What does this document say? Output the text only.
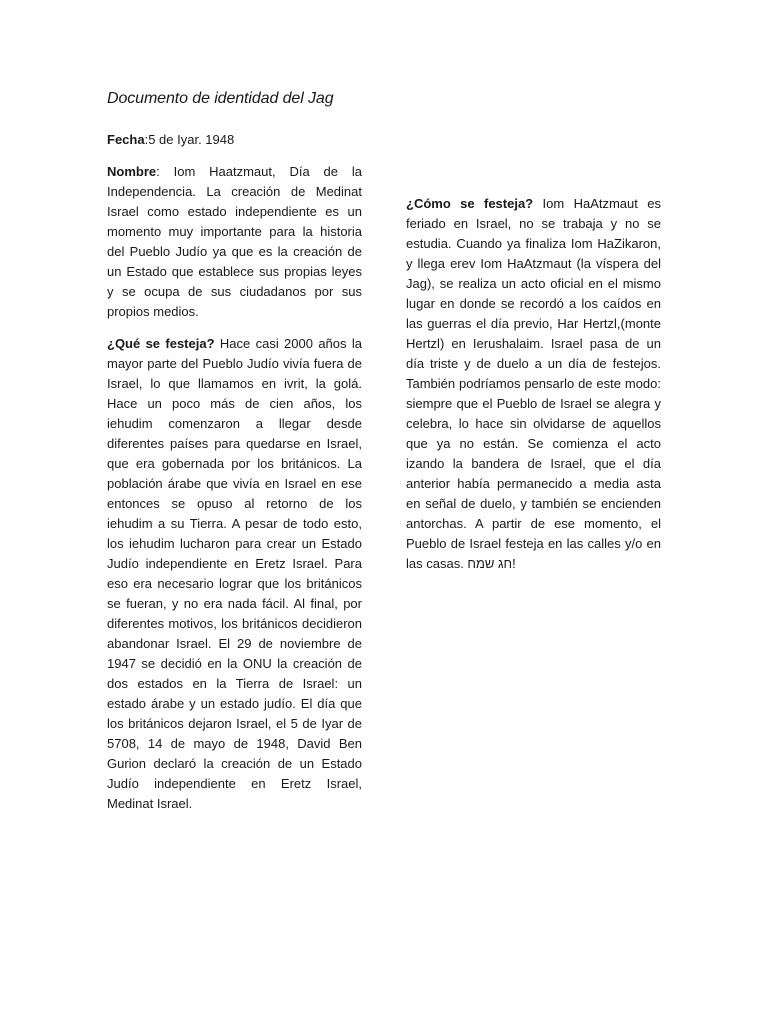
Documento de identidad del Jag

Fecha:5 de Iyar. 1948

Nombre: Iom Haatzmaut, Día de la Independencia. La creación de Medinat Israel como estado independiente es un momento muy importante para la historia del Pueblo Judío ya que es la creación de un Estado que establece sus propias leyes y se ocupa de sus ciudadanos por sus propios medios.

¿Qué se festeja? Hace casi 2000 años la mayor parte del Pueblo Judío vivía fuera de Israel, lo que llamamos en ivrit, la golá. Hace un poco más de cien años, los iehudim comenzaron a llegar desde diferentes países para quedarse en Israel, que era gobernada por los británicos. La población árabe que vivía en Israel en ese entonces se opuso al retorno de los iehudim a su Tierra. A pesar de todo esto, los iehudim lucharon para crear un Estado Judío independiente en Eretz Israel. Para eso era necesario lograr que los británicos se fueran, y no era nada fácil. Al final, por diferentes motivos, los británicos decidieron abandonar Israel. El 29 de noviembre de 1947 se decidió en la ONU la creación de dos estados en la Tierra de Israel: un estado árabe y un estado judío. El día que los británicos dejaron Israel, el 5 de Iyar de 5708, 14 de mayo de 1948, David Ben Gurion declaró la creación de un Estado Judío independiente en Eretz Israel, Medinat Israel.

¿Cómo se festeja? Iom HaAtzmaut es feriado en Israel, no se trabaja y no se estudia. Cuando ya finaliza Iom HaZikaron, y llega erev Iom HaAtzmaut (la víspera del Jag), se realiza un acto oficial en el mismo lugar en donde se recordó a los caídos en las guerras el día previo, Har Hertzl,(monte Hertzl) en Ierushalaim. Israel pasa de un día triste y de duelo a un día de festejos. También podríamos pensarlo de este modo: siempre que el Pueblo de Israel se alegra y celebra, lo hace sin olvidarse de aquellos que ya no están. Se comienza el acto izando la bandera de Israel, que el día anterior había permanecido a media asta en señal de duelo, y también se encienden antorchas. A partir de ese momento, el Pueblo de Israel festeja en las calles y/o en las casas. חג שמח!
